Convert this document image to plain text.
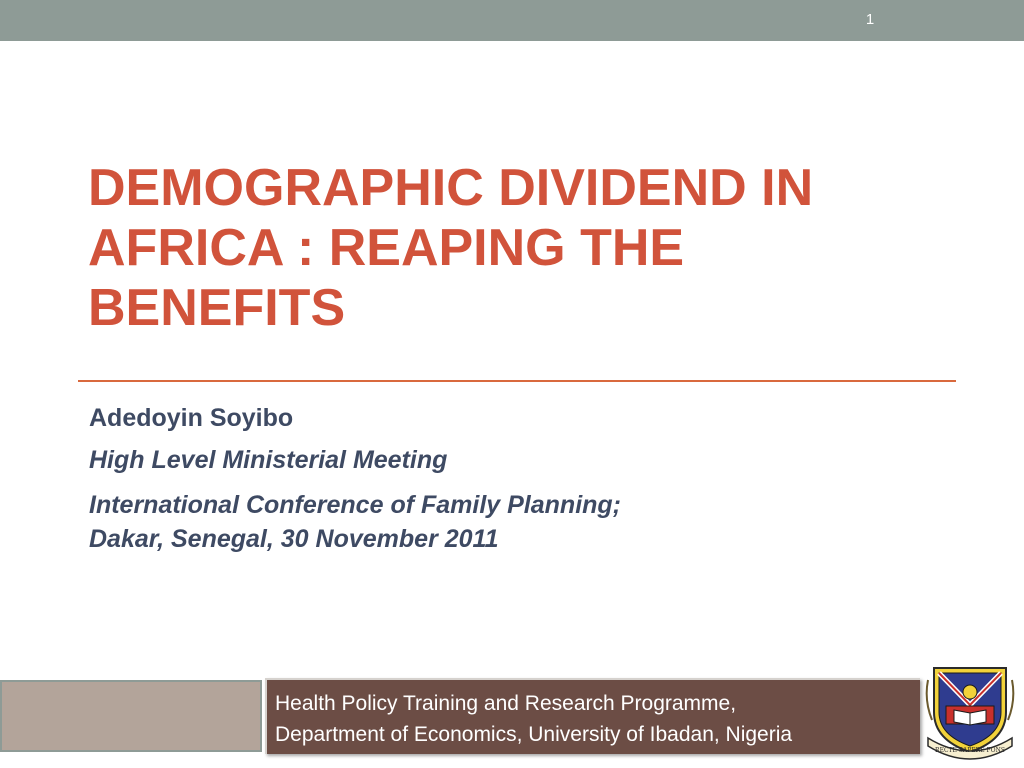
1
DEMOGRAPHIC DIVIDEND IN
AFRICA : REAPING THE
BENEFITS
Adedoyin Soyibo
High Level Ministerial Meeting
International Conference of Family Planning;
Dakar, Senegal, 30 November 2011
Health Policy Training and Research Programme,
Department of Economics, University of Ibadan, Nigeria
RECTE SAPERE FONS
